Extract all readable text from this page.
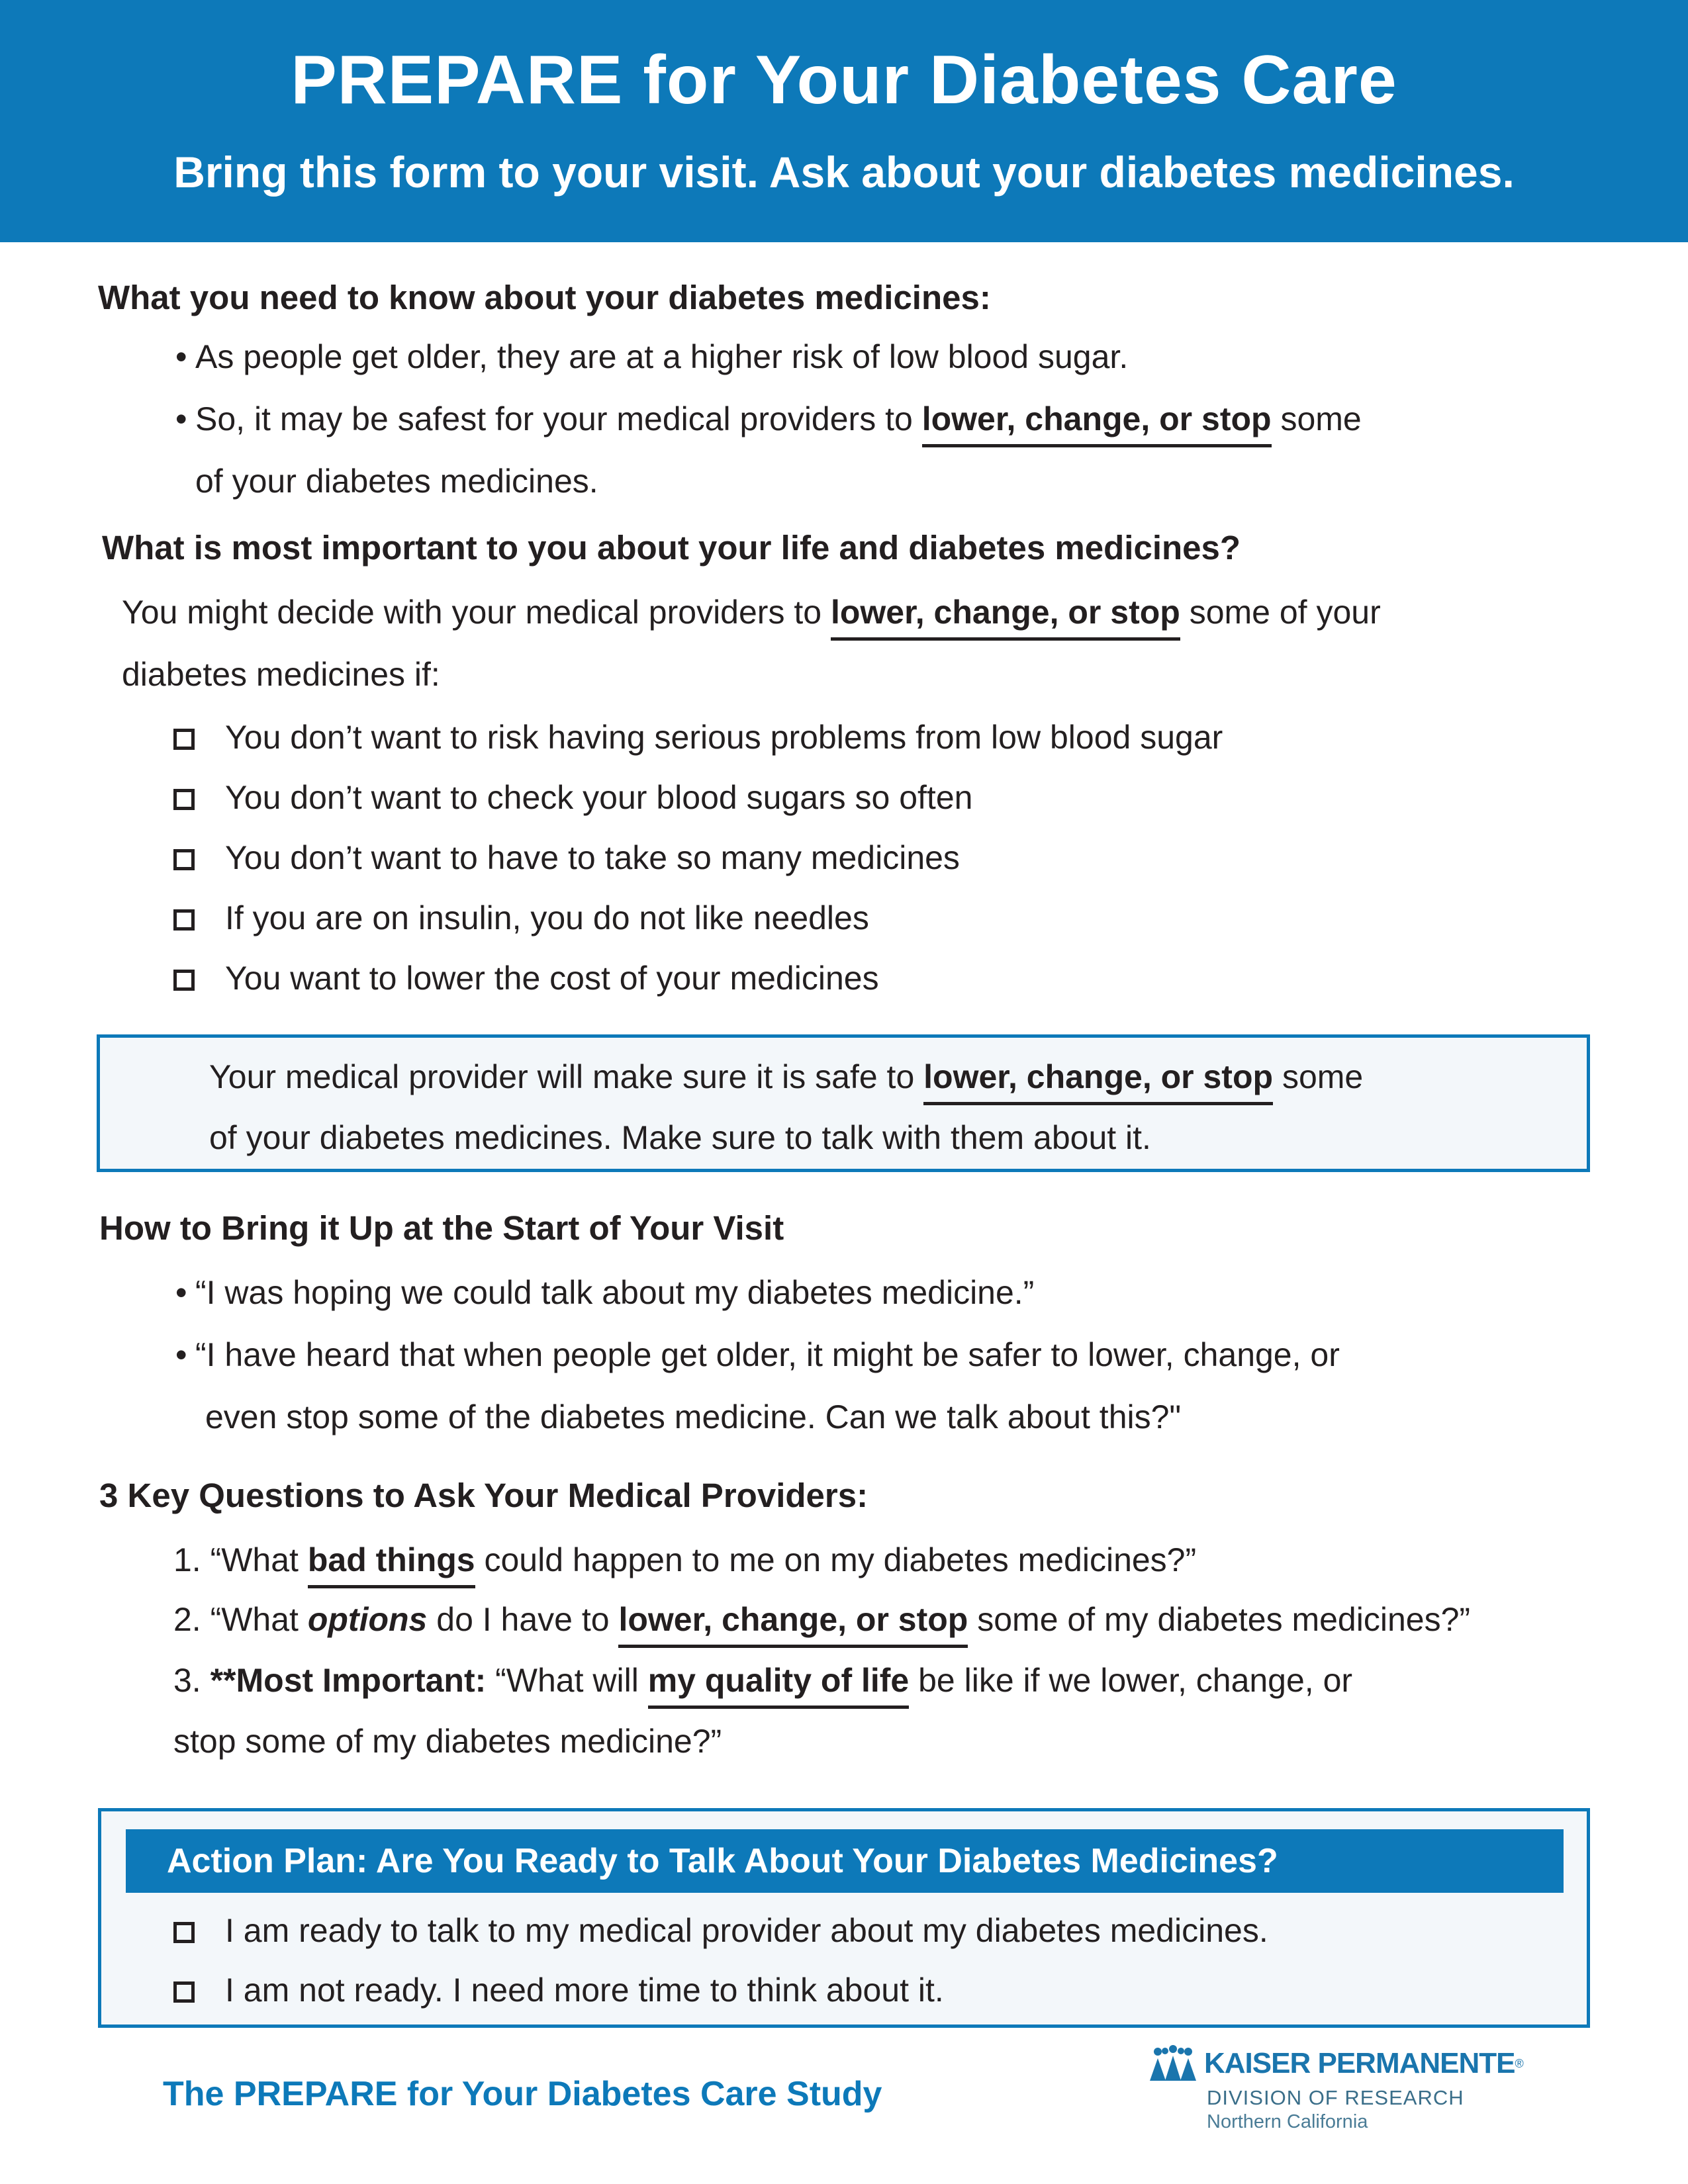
PREPARE for Your Diabetes Care
Bring this form to your visit. Ask about your diabetes medicines.
What you need to know about your diabetes medicines:
• As people get older, they are at a higher risk of low blood sugar.
• So, it may be safest for your medical providers to lower, change, or stop some
of your diabetes medicines.
What is most important to you about your life and diabetes medicines?
You might decide with your medical providers to lower, change, or stop some of your
diabetes medicines if:
You don’t want to risk having serious problems from low blood sugar
You don’t want to check your blood sugars so often
You don’t want to have to take so many medicines
If you are on insulin, you do not like needles
You want to lower the cost of your medicines
Your medical provider will make sure it is safe to lower, change, or stop some
of your diabetes medicines. Make sure to talk with them about it.
How to Bring it Up at the Start of Your Visit
• “I was hoping we could talk about my diabetes medicine.”
• “I have heard that when people get older, it might be safer to lower, change, or
even stop some of the diabetes medicine. Can we talk about this?"
3 Key Questions to Ask Your Medical Providers:
1. “What bad things could happen to me on my diabetes medicines?”
2. “What options do I have to lower, change, or stop some of my diabetes medicines?”
3. **Most Important: “What will my quality of life be like if we lower, change, or
stop some of my diabetes medicine?”
Action Plan: Are You Ready to Talk About Your Diabetes Medicines?
I am ready to talk to my medical provider about my diabetes medicines.
I am not ready. I need more time to think about it.
The PREPARE for Your Diabetes Care Study
KAISER PERMANENTE ®
DIVISION OF RESEARCH
Northern California
